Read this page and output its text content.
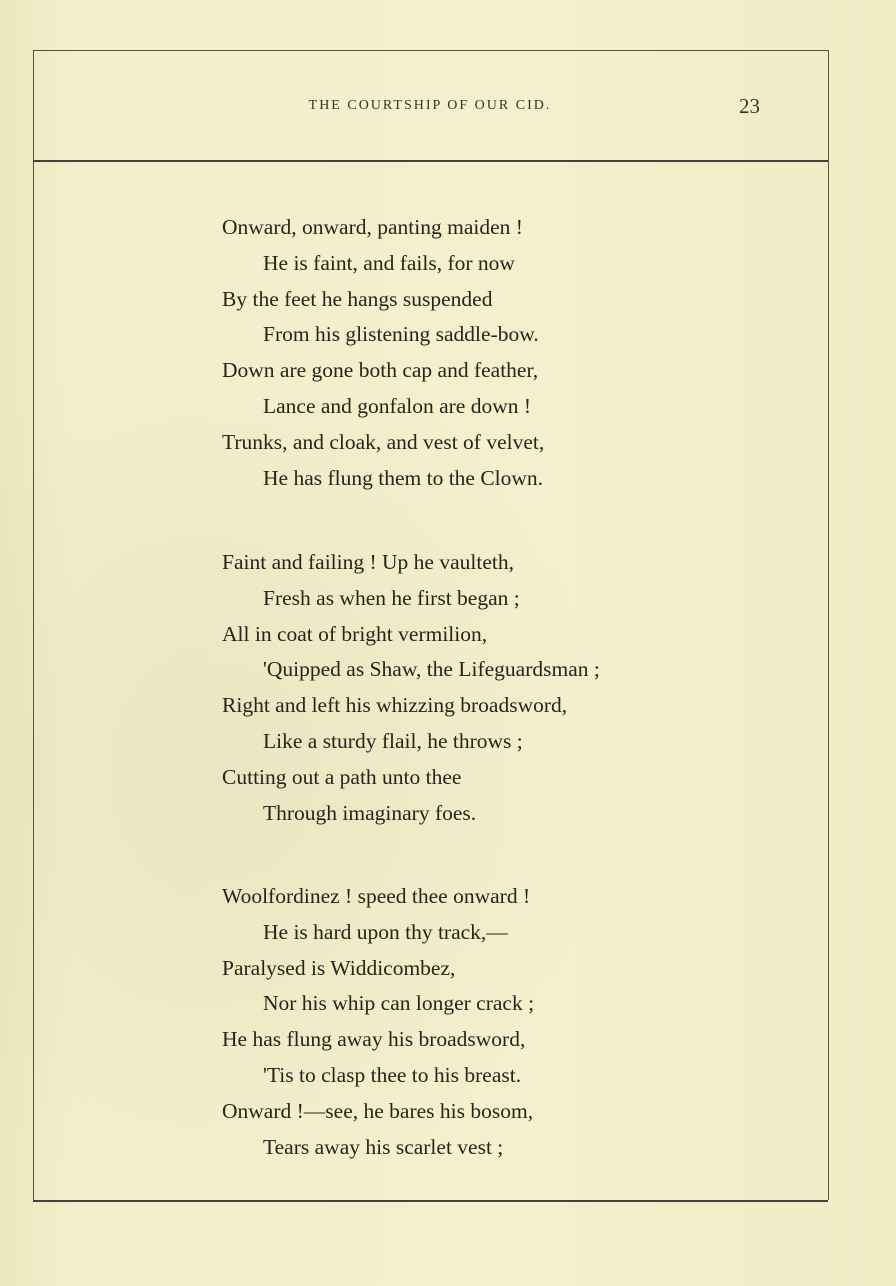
THE COURTSHIP OF OUR CID.	23
Onward, onward, panting maiden !
He is faint, and fails, for now
By the feet he hangs suspended
From his glistening saddle-bow.
Down are gone both cap and feather,
Lance and gonfalon are down !
Trunks, and cloak, and vest of velvet,
He has flung them to the Clown.
Faint and failing ! Up he vaulteth,
Fresh as when he first began ;
All in coat of bright vermilion,
'Quipped as Shaw, the Lifeguardsman ;
Right and left his whizzing broadsword,
Like a sturdy flail, he throws ;
Cutting out a path unto thee
Through imaginary foes.
Woolfordinez ! speed thee onward !
He is hard upon thy track,—
Paralysed is Widdicombez,
Nor his whip can longer crack ;
He has flung away his broadsword,
'Tis to clasp thee to his breast.
Onward !—see, he bares his bosom,
Tears away his scarlet vest ;
